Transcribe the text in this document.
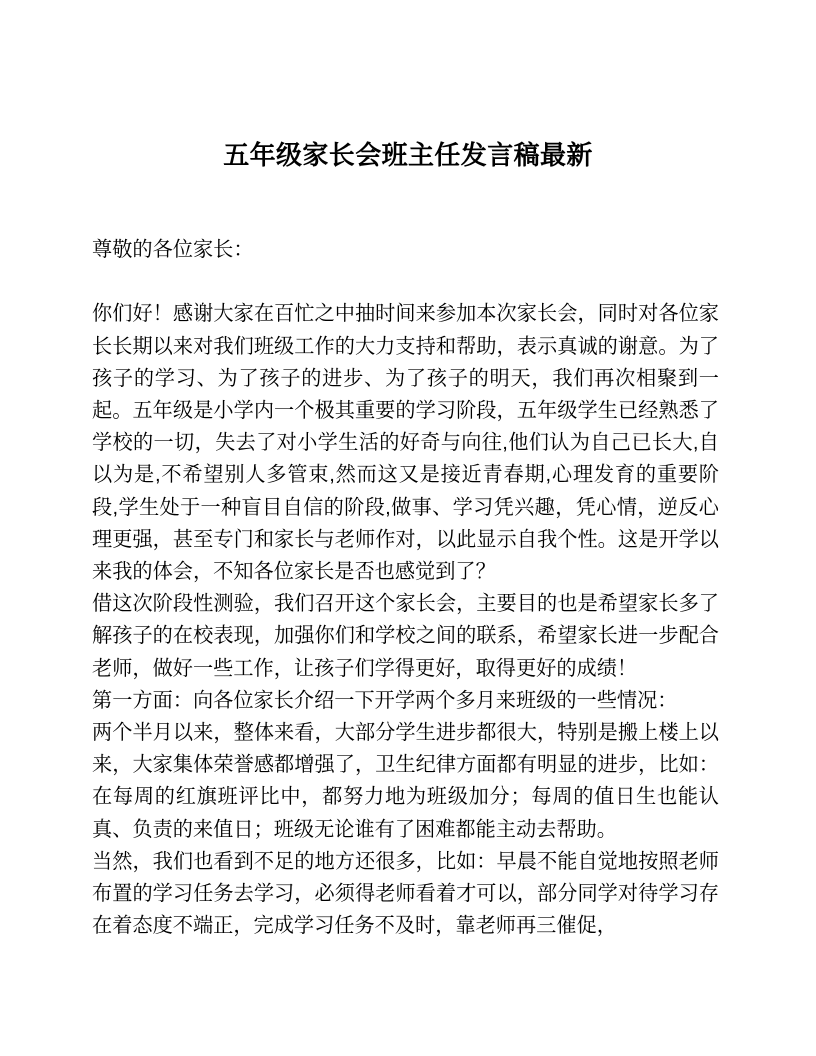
五年级家长会班主任发言稿最新

尊敬的各位家长：

你们好！感谢大家在百忙之中抽时间来参加本次家长会，同时对各位家长长期以来对我们班级工作的大力支持和帮助，表示真诚的谢意。为了孩子的学习、为了孩子的进步、为了孩子的明天，我们再次相聚到一起。五年级是小学内一个极其重要的学习阶段，五年级学生已经熟悉了学校的一切，失去了对小学生活的好奇与向往,他们认为自己已长大,自以为是,不希望别人多管束,然而这又是接近青春期,心理发育的重要阶段,学生处于一种盲目自信的阶段,做事、学习凭兴趣，凭心情，逆反心理更强，甚至专门和家长与老师作对，以此显示自我个性。这是开学以来我的体会，不知各位家长是否也感觉到了？

借这次阶段性测验，我们召开这个家长会，主要目的也是希望家长多了解孩子的在校表现，加强你们和学校之间的联系，希望家长进一步配合老师，做好一些工作，让孩子们学得更好，取得更好的成绩！

第一方面：向各位家长介绍一下开学两个多月来班级的一些情况：

两个半月以来，整体来看，大部分学生进步都很大，特别是搬上楼上以来，大家集体荣誉感都增强了，卫生纪律方面都有明显的进步，比如：在每周的红旗班评比中，都努力地为班级加分；每周的值日生也能认真、负责的来值日；班级无论谁有了困难都能主动去帮助。

当然，我们也看到不足的地方还很多，比如：早晨不能自觉地按照老师布置的学习任务去学习，必须得老师看着才可以，部分同学对待学习存在着态度不端正，完成学习任务不及时，靠老师再三催促，
